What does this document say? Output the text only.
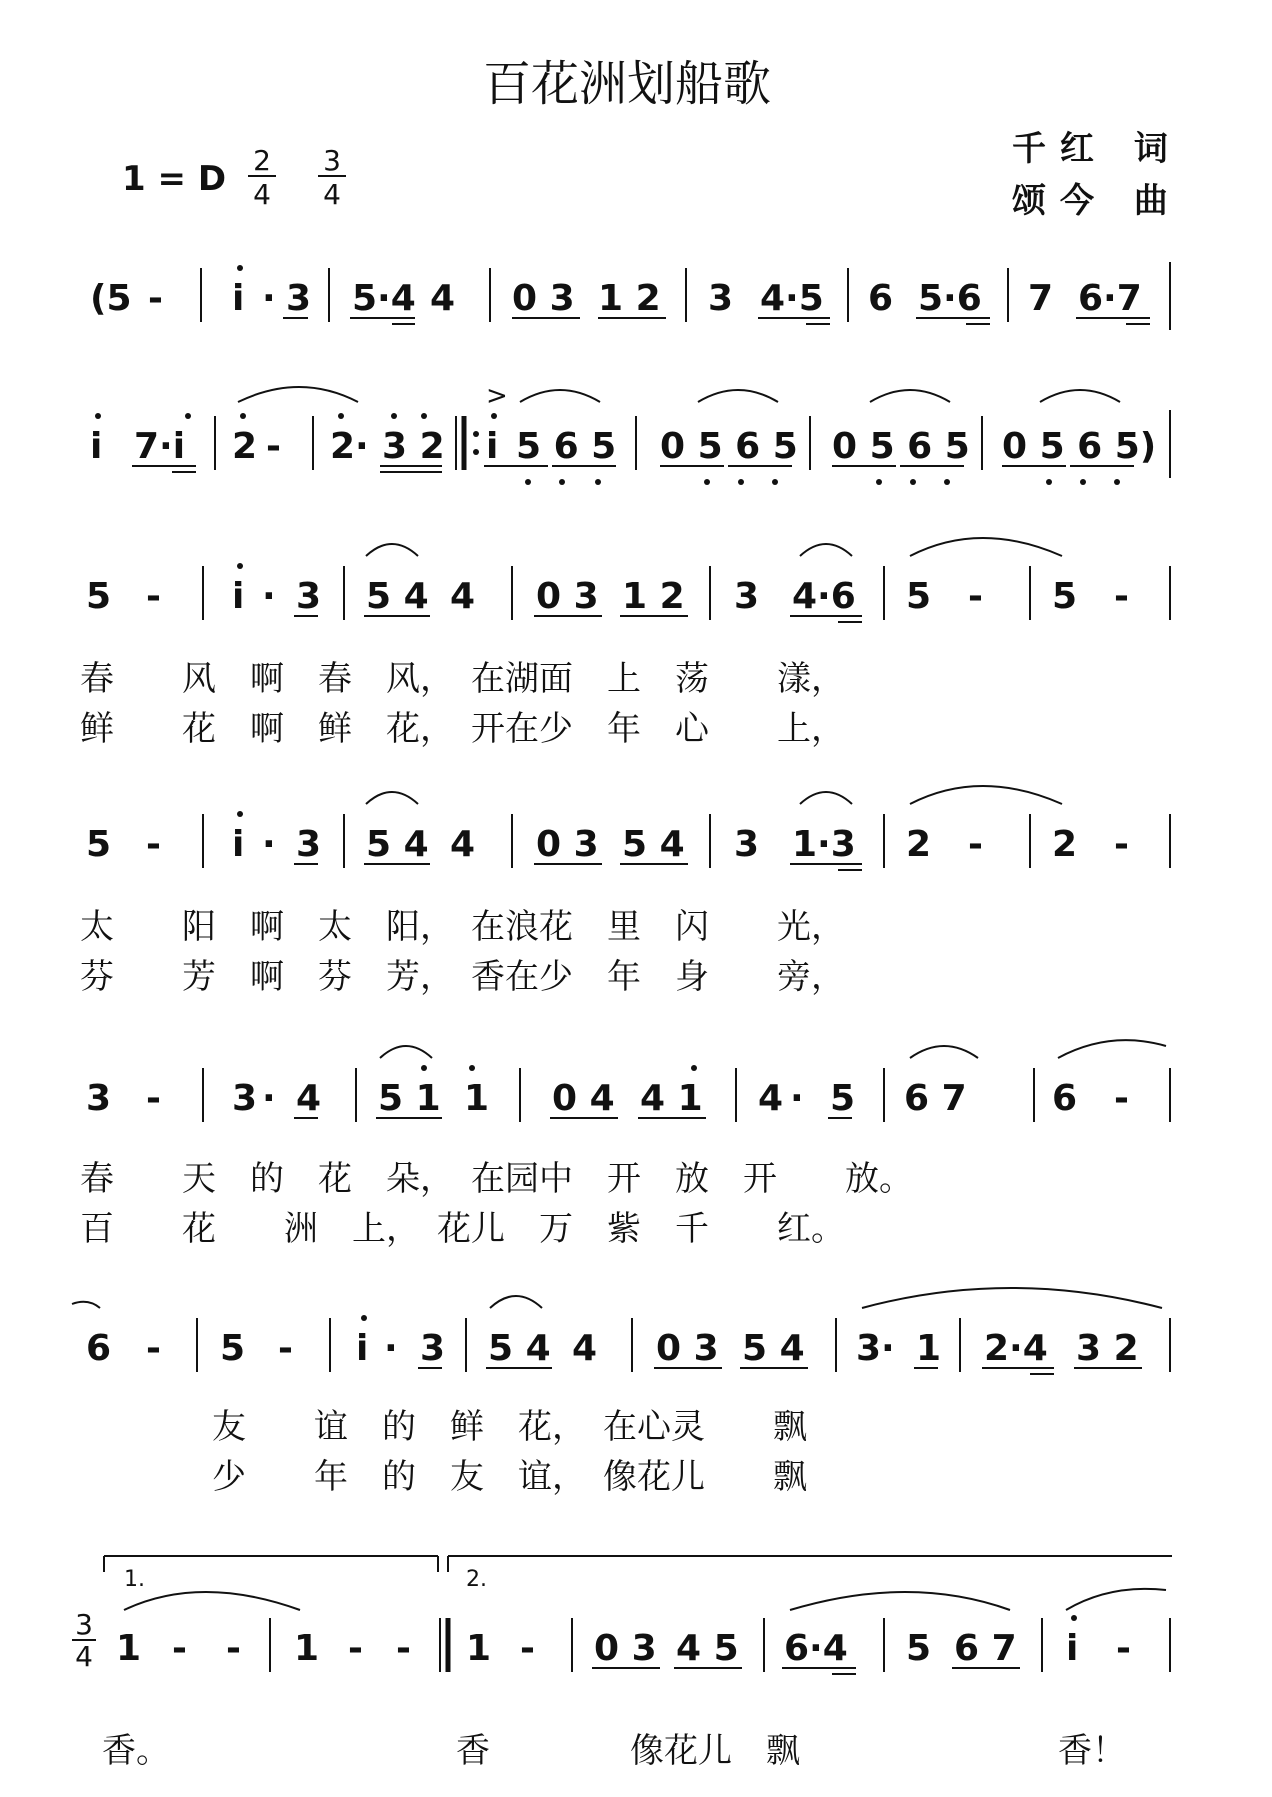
百花洲划船歌
千红 词
颂今 曲
1 = D 2
4
3
4
(5 - i · 3 5·4 4 0 3 1 2 3 4·5 6 5·6 7 6·7
i 7·i 2 - 2· 3 2 i
>
5 6 5 0 5 6 5 0 5 6 5 0 5 6 5)
5 - i · 3 5 4 4 0 3 1 2 3 4·6 5 - 5 -
春　　风　啊　春　风，　在湖面　上　荡　　漾，
鲜　　花　啊　鲜　花，　开在少　年　心　　上，
5 - i · 3 5 4 4 0 3 5 4 3 1·3 2 - 2 -
太　　阳　啊　太　阳，　在浪花　里　闪　　光，
芬　　芳　啊　芬　芳，　香在少　年　身　　旁，
3 - 3 · 4 5 1 1 0 4 4 1 4 · 5 6 7 6 -
春　　天　的　花　朵，　在园中　开　放　开　　放。
百　　花　　洲　上，　花儿　万　紫　千　　红。
6 - 5 - i · 3 5 4 4 0 3 5 4 3· 1 2·4 3 2
友　　谊　的　鲜　花，　在心灵　　飘
少　　年　的　友　谊，　像花儿　　飘
1.	2.
3
4 1 - - 1 - - 1 - 0 3 4 5 6·4 5 6 7 i -
香。	香	像花儿　飘	香！
